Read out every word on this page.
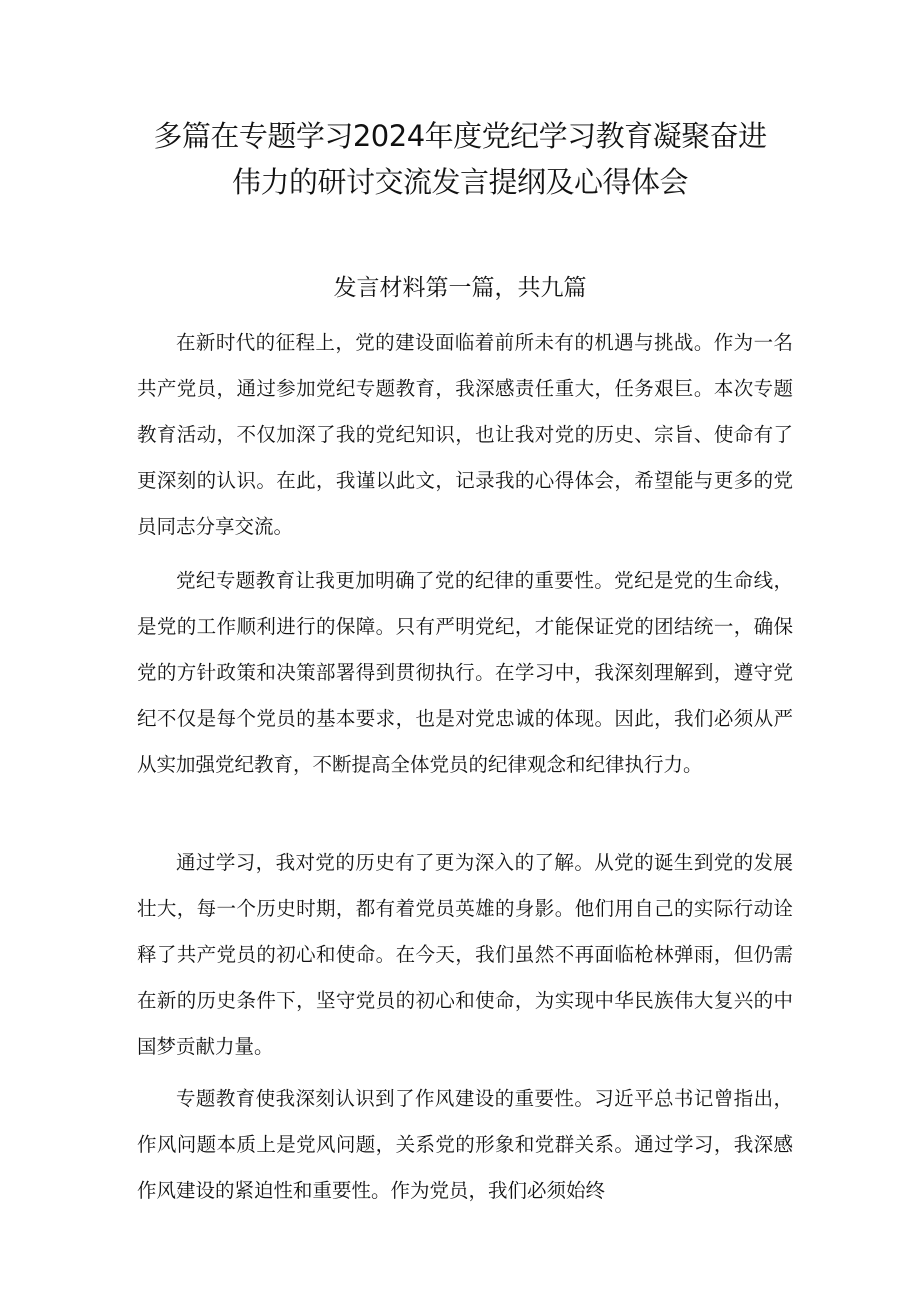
多篇在专题学习2024年度党纪学习教育凝聚奋进
伟力的研讨交流发言提纲及心得体会
发言材料第一篇，共九篇

在新时代的征程上，党的建设面临着前所未有的机遇与挑战。作为一名共产党员，通过参加党纪专题教育，我深感责任重大，任务艰巨。本次专题教育活动，不仅加深了我的党纪知识，也让我对党的历史、宗旨、使命有了更深刻的认识。在此，我谨以此文，记录我的心得体会，希望能与更多的党员同志分享交流。

党纪专题教育让我更加明确了党的纪律的重要性。党纪是党的生命线，是党的工作顺利进行的保障。只有严明党纪，才能保证党的团结统一，确保党的方针政策和决策部署得到贯彻执行。在学习中，我深刻理解到，遵守党纪不仅是每个党员的基本要求，也是对党忠诚的体现。因此，我们必须从严从实加强党纪教育，不断提高全体党员的纪律观念和纪律执行力。

通过学习，我对党的历史有了更为深入的了解。从党的诞生到党的发展壮大，每一个历史时期，都有着党员英雄的身影。他们用自己的实际行动诠释了共产党员的初心和使命。在今天，我们虽然不再面临枪林弹雨，但仍需在新的历史条件下，坚守党员的初心和使命，为实现中华民族伟大复兴的中国梦贡献力量。

专题教育使我深刻认识到了作风建设的重要性。习近平总书记曾指出，作风问题本质上是党风问题，关系党的形象和党群关系。通过学习，我深感作风建设的紧迫性和重要性。作为党员，我们必须始终
